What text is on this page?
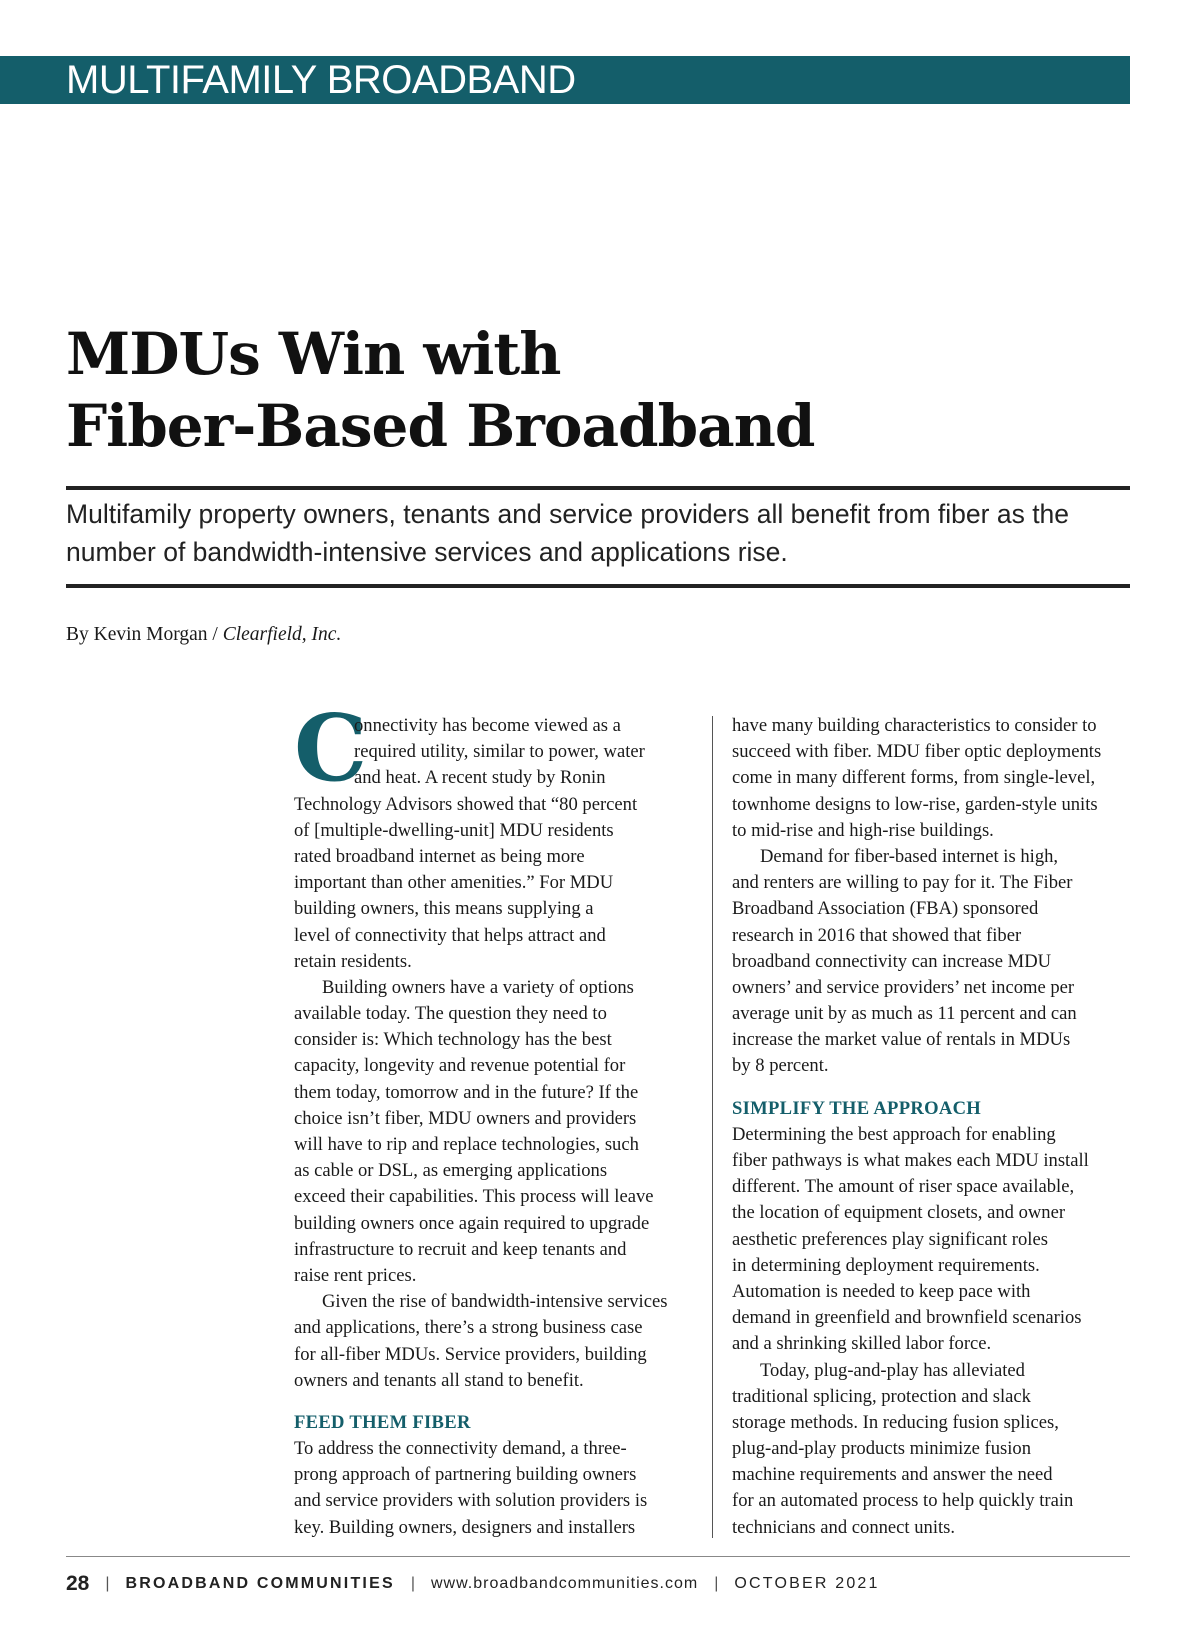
MULTIFAMILY BROADBAND
MDUs Win with
Fiber-Based Broadband

Multifamily property owners, tenants and service providers all benefit from fiber as the number of bandwidth-intensive services and applications rise.

By Kevin Morgan / Clearfield, Inc.

C
onnectivity has become viewed as a
required utility, similar to power, water
and heat. A recent study by Ronin
Technology Advisors showed that “80 percent
of [multiple-dwelling-unit] MDU residents
rated broadband internet as being more
important than other amenities.” For MDU
building owners, this means supplying a
level of connectivity that helps attract and
retain residents.
Building owners have a variety of options
available today. The question they need to
consider is: Which technology has the best
capacity, longevity and revenue potential for
them today, tomorrow and in the future? If the
choice isn’t fiber, MDU owners and providers
will have to rip and replace technologies, such
as cable or DSL, as emerging applications
exceed their capabilities. This process will leave
building owners once again required to upgrade
infrastructure to recruit and keep tenants and
raise rent prices.
Given the rise of bandwidth-intensive services
and applications, there’s a strong business case
for all-fiber MDUs. Service providers, building
owners and tenants all stand to benefit.
FEED THEM FIBER
To address the connectivity demand, a three-
prong approach of partnering building owners
and service providers with solution providers is
key. Building owners, designers and installers
have many building characteristics to consider to
succeed with fiber. MDU fiber optic deployments
come in many different forms, from single-level,
townhome designs to low-rise, garden-style units
to mid-rise and high-rise buildings.
Demand for fiber-based internet is high,
and renters are willing to pay for it. The Fiber
Broadband Association (FBA) sponsored
research in 2016 that showed that fiber
broadband connectivity can increase MDU
owners’ and service providers’ net income per
average unit by as much as 11 percent and can
increase the market value of rentals in MDUs
by 8 percent.
SIMPLIFY THE APPROACH
Determining the best approach for enabling
fiber pathways is what makes each MDU install
different. The amount of riser space available,
the location of equipment closets, and owner
aesthetic preferences play significant roles
in determining deployment requirements.
Automation is needed to keep pace with
demand in greenfield and brownfield scenarios
and a shrinking skilled labor force.
Today, plug-and-play has alleviated
traditional splicing, protection and slack
storage methods. In reducing fusion splices,
plug-and-play products minimize fusion
machine requirements and answer the need
for an automated process to help quickly train
technicians and connect units.
28 | BROADBAND COMMUNITIES | www.broadbandcommunities.com | OCTOBER 2021
